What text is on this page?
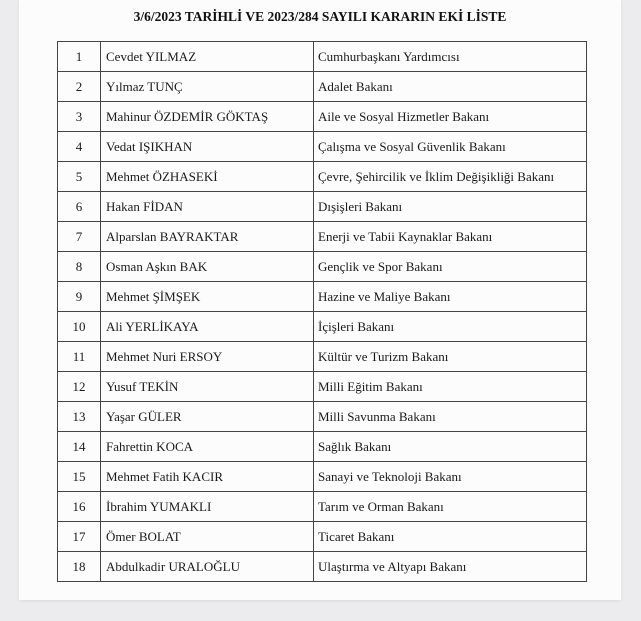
3/6/2023 TARİHLİ VE 2023/284 SAYILI KARARIN EKİ LİSTE
1	Cevdet YILMAZ	Cumhurbaşkanı Yardımcısı
2	Yılmaz TUNÇ	Adalet Bakanı
3	Mahinur ÖZDEMİR GÖKTAŞ	Aile ve Sosyal Hizmetler Bakanı
4	Vedat IŞIKHAN	Çalışma ve Sosyal Güvenlik Bakanı
5	Mehmet ÖZHASEKİ	Çevre, Şehircilik ve İklim Değişikliği Bakanı
6	Hakan FİDAN	Dışişleri Bakanı
7	Alparslan BAYRAKTAR	Enerji ve Tabii Kaynaklar Bakanı
8	Osman Aşkın BAK	Gençlik ve Spor Bakanı
9	Mehmet ŞİMŞEK	Hazine ve Maliye Bakanı
10	Ali YERLİKAYA	İçişleri Bakanı
11	Mehmet Nuri ERSOY	Kültür ve Turizm Bakanı
12	Yusuf TEKİN	Milli Eğitim Bakanı
13	Yaşar GÜLER	Milli Savunma Bakanı
14	Fahrettin KOCA	Sağlık Bakanı
15	Mehmet Fatih KACIR	Sanayi ve Teknoloji Bakanı
16	İbrahim YUMAKLI	Tarım ve Orman Bakanı
17	Ömer BOLAT	Ticaret Bakanı
18	Abdulkadir URALOĞLU	Ulaştırma ve Altyapı Bakanı
